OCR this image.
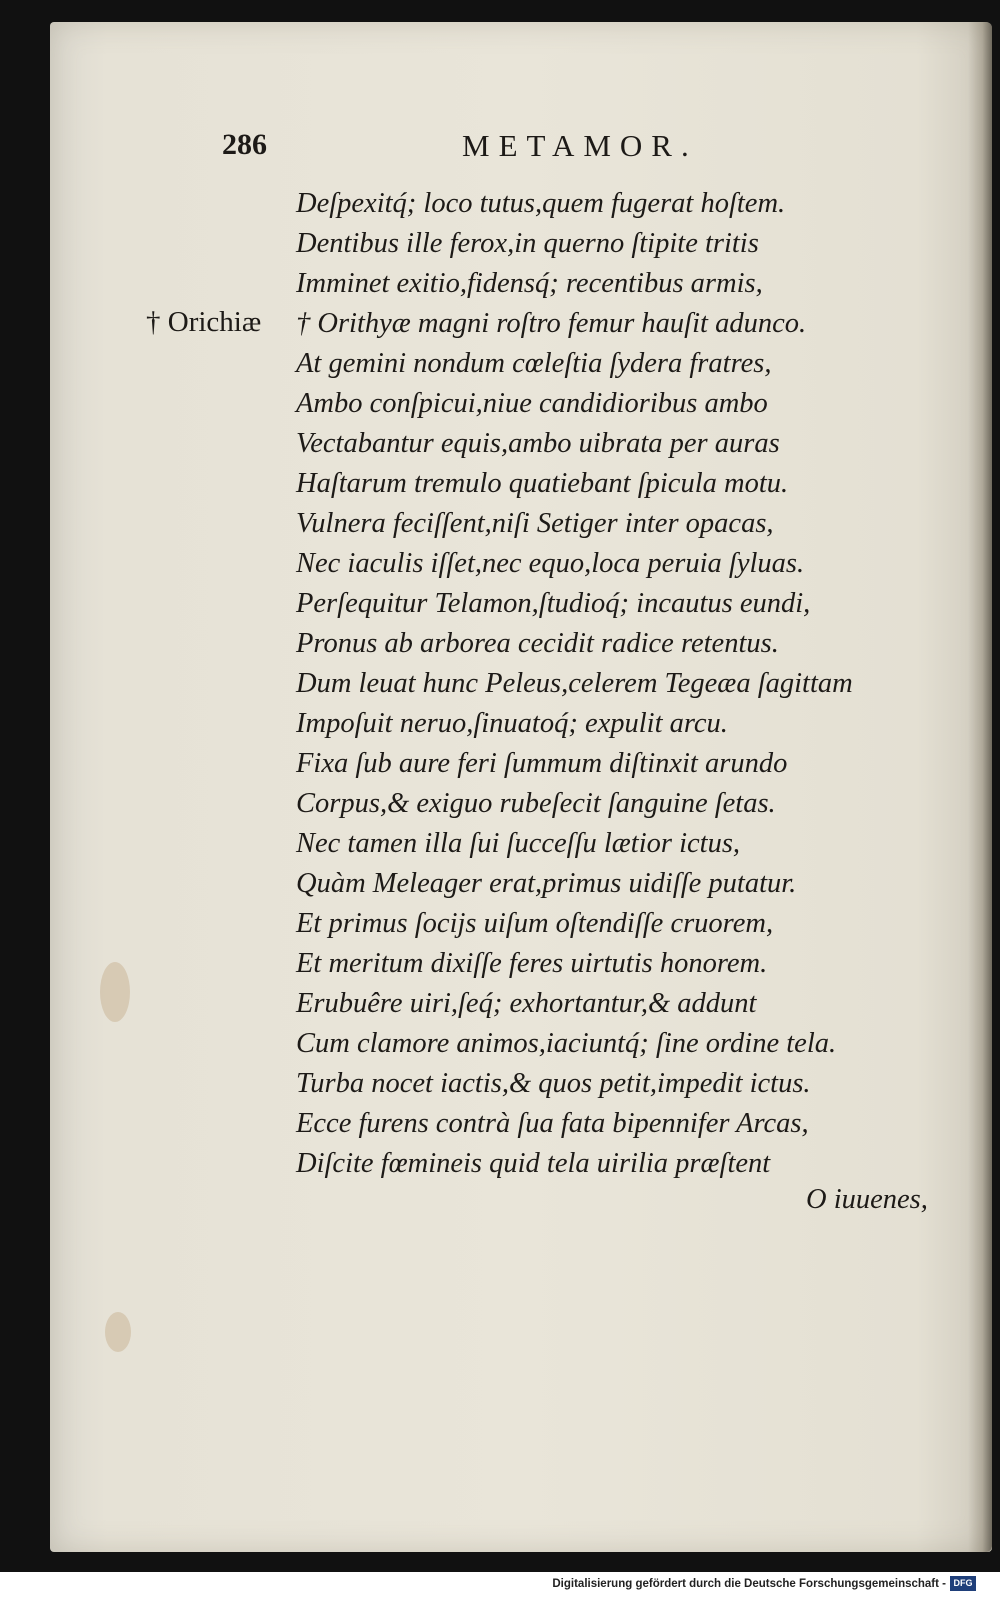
286	METAMOR.
† Orichiæ
Deſpexitq́; loco tutus,quem fugerat hoſtem.
Dentibus ille ferox,in querno ſtipite tritis
Imminet exitio,fidensq́; recentibus armis,
† Orithyæ magni roſtro femur hauſit adunco.
At gemini nondum cœleſtia ſydera fratres,
Ambo conſpicui,niue candidioribus ambo
Vectabantur equis,ambo uibrata per auras
Haſtarum tremulo quatiebant ſpicula motu.
Vulnera feciſſent,niſi Setiger inter opacas,
Nec iaculis iſſet,nec equo,loca peruia ſyluas.
Perſequitur Telamon,ſtudioq́; incautus eundi,
Pronus ab arborea cecidit radice retentus.
Dum leuat hunc Peleus,celerem Tegeæa ſagittam
Impoſuit neruo,ſinuatoq́; expulit arcu.
Fixa ſub aure feri ſummum diſtinxit arundo
Corpus,& exiguo rubeſecit ſanguine ſetas.
Nec tamen illa ſui ſucceſſu lætior ictus,
Quàm Meleager erat,primus uidiſſe putatur.
Et primus ſocijs uiſum oſtendiſſe cruorem,
Et meritum dixiſſe feres uirtutis honorem.
Erubuêre uiri,ſeq́; exhortantur,& addunt
Cum clamore animos,iaciuntq́; ſine ordine tela.
Turba nocet iactis,& quos petit,impedit ictus.
Ecce furens contrà ſua fata bipennifer Arcas,
Diſcite fœmineis quid tela uirilia præſtent
O iuuenes,
Digitalisierung gefördert durch die Deutsche Forschungsgemeinschaft - DFG
